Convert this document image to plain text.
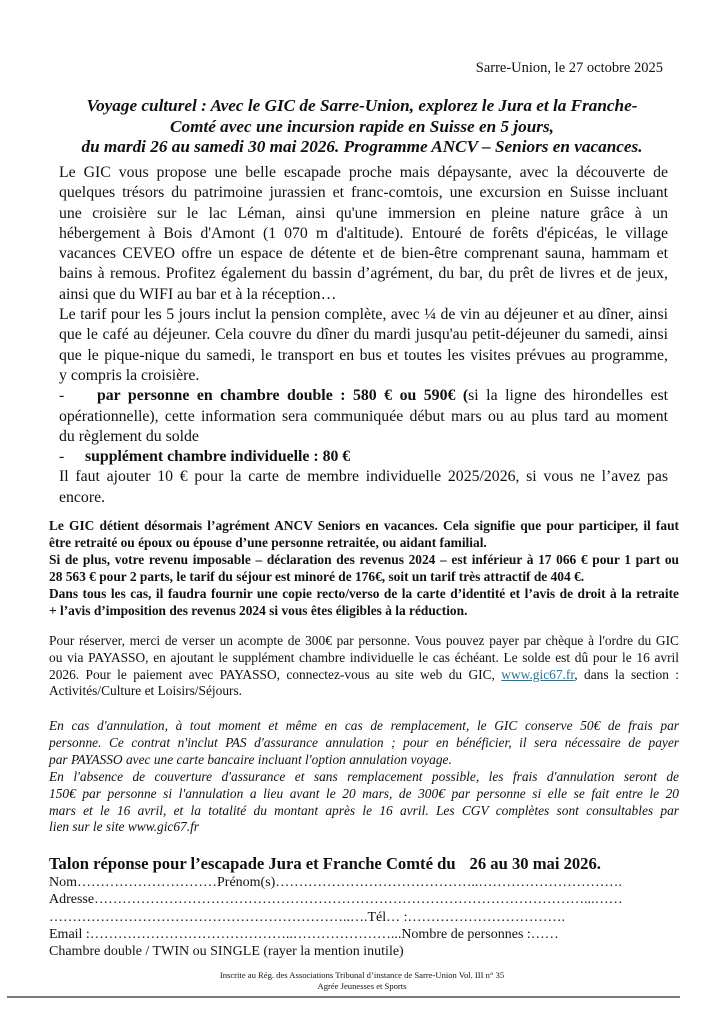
Sarre-Union, le 27 octobre 2025
Voyage culturel : Avec le GIC de Sarre-Union, explorez le Jura et la Franche-
Comté avec une incursion rapide en Suisse en 5 jours,
du mardi 26 au samedi 30 mai 2026. Programme ANCV – Seniors en vacances.
Le GIC vous propose une belle escapade proche mais dépaysante, avec la découverte de
quelques trésors du patrimoine jurassien et franc-comtois, une excursion en Suisse incluant
une croisière sur le lac Léman, ainsi qu'une immersion en pleine nature grâce à un
hébergement à Bois d'Amont (1 070 m d'altitude). Entouré de forêts d'épicéas, le village
vacances CEVEO offre un espace de détente et de bien-être comprenant sauna, hammam et
bains à remous. Profitez également du bassin d’agrément, du bar, du prêt de livres et de jeux,
ainsi que du WIFI au bar et à la réception…
Le tarif pour les 5 jours inclut la pension complète, avec ¼ de vin au déjeuner et au dîner, ainsi
que le café au déjeuner. Cela couvre du dîner du mardi jusqu'au petit-déjeuner du samedi, ainsi
que le pique-nique du samedi, le transport en bus et toutes les visites prévues au programme,
y compris la croisière.
- par personne en chambre double : 580 € ou 590€ (si la ligne des hirondelles est
opérationnelle), cette information sera communiquée début mars ou au plus tard au moment
du règlement du solde
- supplément chambre individuelle : 80 €
Il faut ajouter 10 € pour la carte de membre individuelle 2025/2026, si vous ne l’avez pas
encore.
Le GIC détient désormais l’agrément ANCV Seniors en vacances. Cela signifie que pour participer, il faut
être retraité ou époux ou épouse d’une personne retraitée, ou aidant familial.
Si de plus, votre revenu imposable – déclaration des revenus 2024 – est inférieur à 17 066 € pour 1 part ou
28 563 € pour 2 parts, le tarif du séjour est minoré de 176€, soit un tarif très attractif de 404 €.
Dans tous les cas, il faudra fournir une copie recto/verso de la carte d’identité et l’avis de droit à la retraite
+ l’avis d’imposition des revenus 2024 si vous êtes éligibles à la réduction.
Pour réserver, merci de verser un acompte de 300€ par personne. Vous pouvez payer par chèque à l'ordre du GIC
ou via PAYASSO, en ajoutant le supplément chambre individuelle le cas échéant. Le solde est dû pour le 16 avril
2026. Pour le paiement avec PAYASSO, connectez-vous au site web du GIC, www.gic67.fr, dans la section :
Activités/Culture et Loisirs/Séjours.
En cas d'annulation, à tout moment et même en cas de remplacement, le GIC conserve 50€ de frais par
personne. Ce contrat n'inclut PAS d'assurance annulation ; pour en bénéficier, il sera nécessaire de payer
par PAYASSO avec une carte bancaire incluant l'option annulation voyage.
En l'absence de couverture d'assurance et sans remplacement possible, les frais d'annulation seront de
150€ par personne si l'annulation a lieu avant le 20 mars, de 300€ par personne si elle se fait entre le 20
mars et le 16 avril, et la totalité du montant après le 16 avril. Les CGV complètes sont consultables par
lien sur le site www.gic67.fr
Talon réponse pour l’escapade Jura et Franche Comté du 26 au 30 mai 2026.
Nom…………………………Prénom(s)……………………………………..………………………….
Adresse……………………………………………………………………………………………...……
………………………………………………………..….Tél… :…………………………….
Email :……………………………………..…………………...Nombre de personnes :……
Chambre double / TWIN ou SINGLE (rayer la mention inutile)
Inscrite au Rég. des Associations Tribunal d’instance de Sarre-Union Vol. III n° 35
Agrée Jeunesses et Sports
